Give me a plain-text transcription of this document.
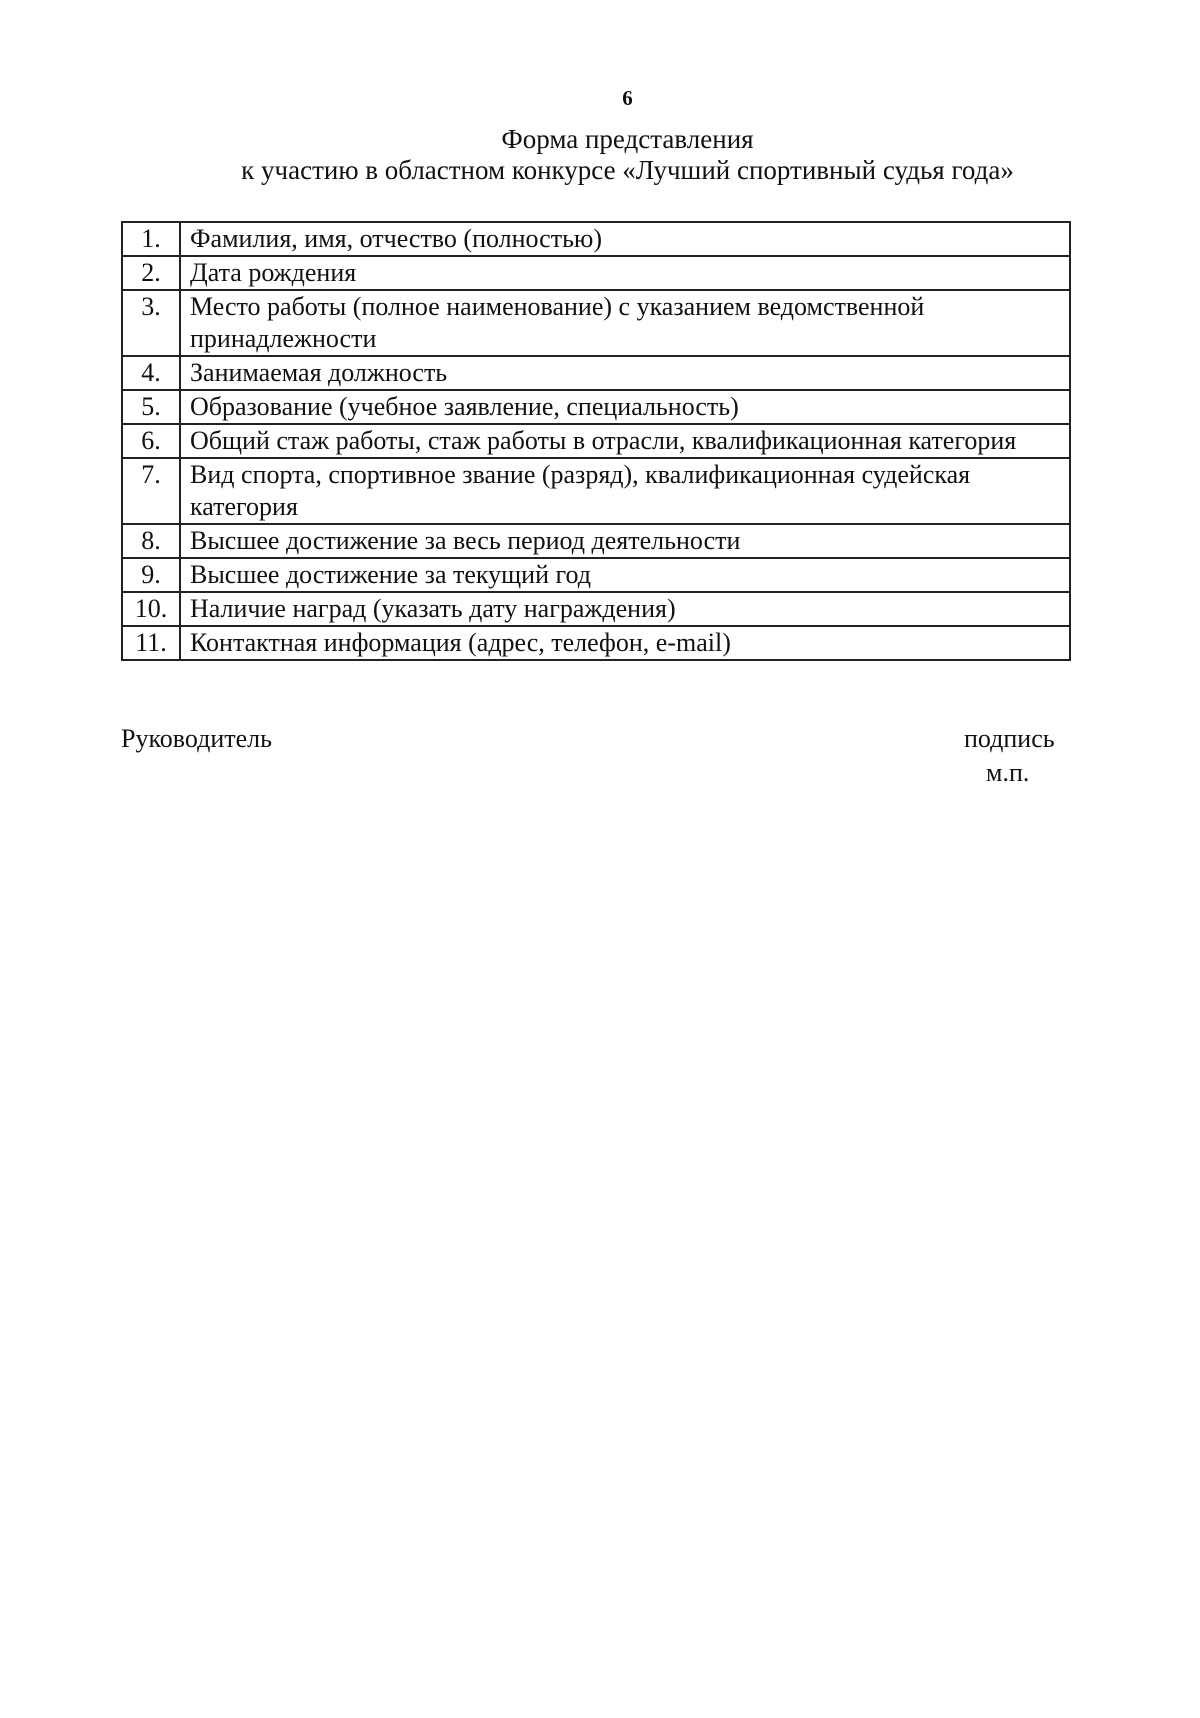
6
Форма представления
к участию в областном конкурсе «Лучший спортивный судья года»
1.	Фамилия, имя, отчество (полностью)
2.	Дата рождения
3.	Место работы (полное наименование) с указанием ведомственной принадлежности
4.	Занимаемая должность
5.	Образование (учебное заявление, специальность)
6.	Общий стаж работы, стаж работы в отрасли, квалификационная категория
7.	Вид спорта, спортивное звание (разряд), квалификационная судейская категория
8.	Высшее достижение за весь период деятельности
9.	Высшее достижение за текущий год
10.	Наличие наград (указать дату награждения)
11.	Контактная информация (адрес, телефон, e-mail)
Руководитель	подпись
м.п.
